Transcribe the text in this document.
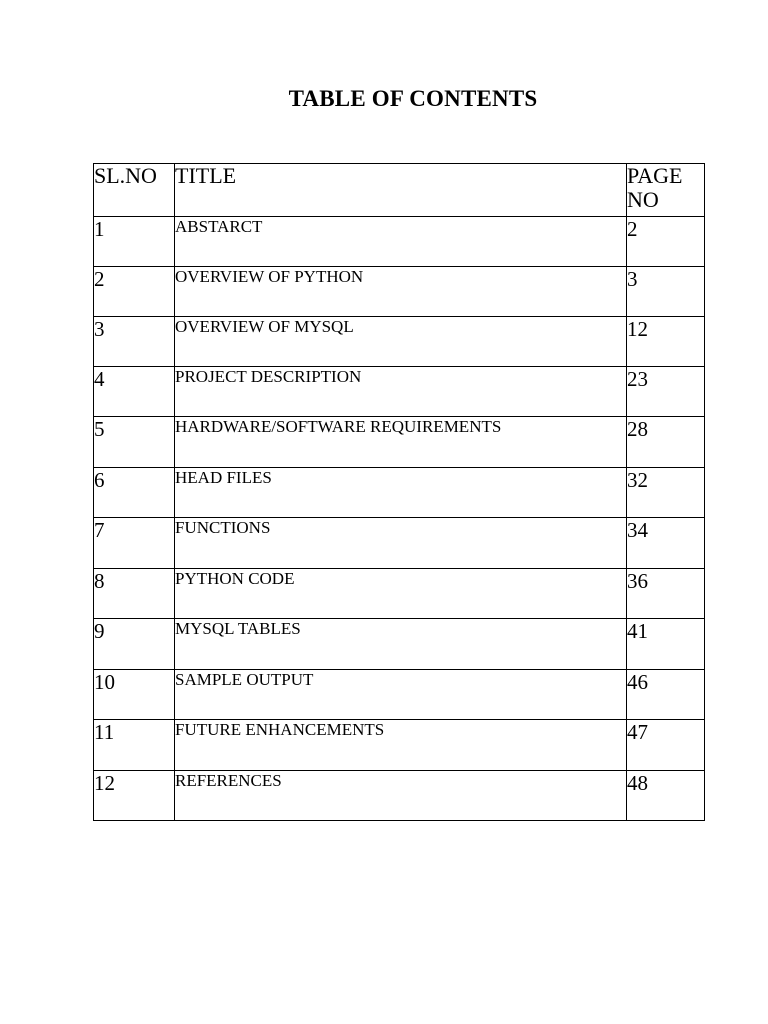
TABLE OF CONTENTS
SL.NO	TITLE	PAGE NO
1	ABSTARCT	2
2	OVERVIEW OF PYTHON	3
3	OVERVIEW OF MYSQL	12
4	PROJECT DESCRIPTION	23
5	HARDWARE/SOFTWARE REQUIREMENTS	28
6	HEAD FILES	32
7	FUNCTIONS	34
8	PYTHON CODE	36
9	MYSQL TABLES	41
10	SAMPLE OUTPUT	46
11	FUTURE ENHANCEMENTS	47
12	REFERENCES	48
